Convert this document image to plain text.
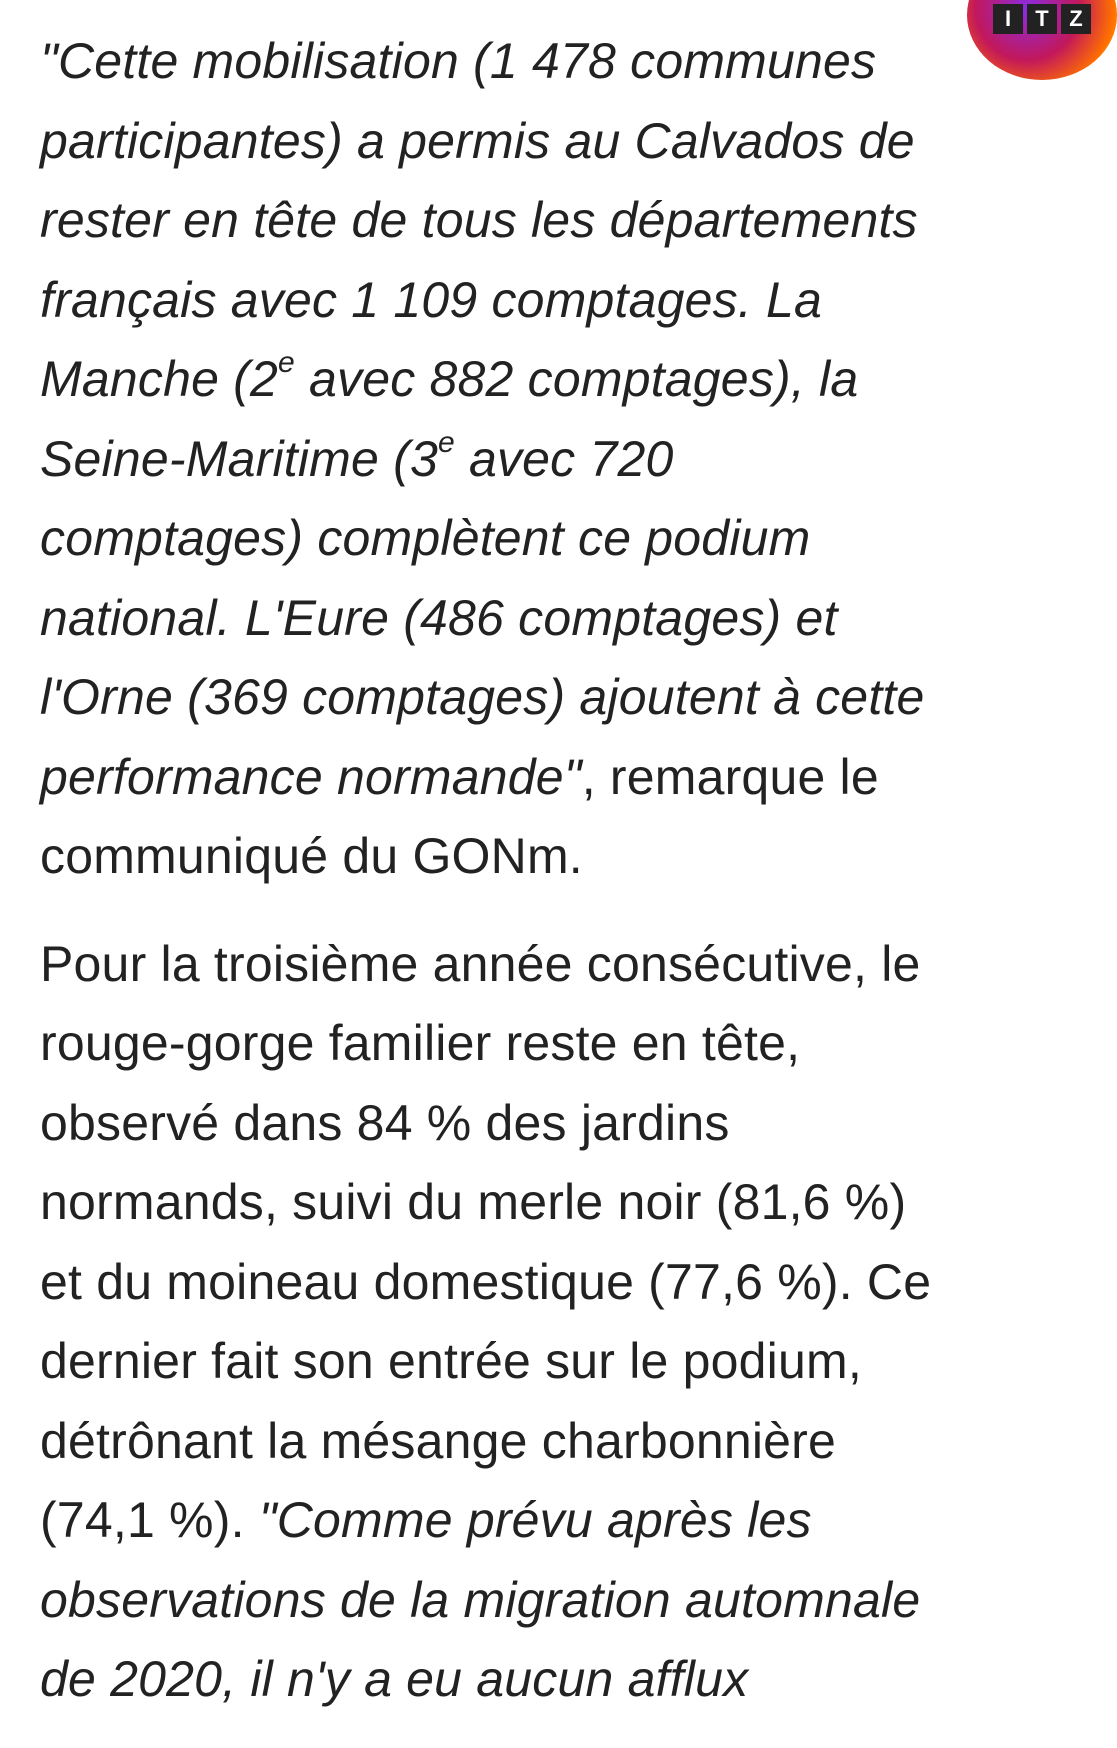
I	T Z

"Cette mobilisation (1 478 communes
participantes) a permis au Calvados de
rester en tête de tous les départements
français avec 1 109 comptages. La
Manche (2e avec 882 comptages), la
Seine-Maritime (3e avec 720
comptages) complètent ce podium
national. L'Eure (486 comptages) et
l'Orne (369 comptages) ajoutent à cette
performance normande", remarque le
communiqué du GONm.

Pour la troisième année consécutive, le
rouge-gorge familier reste en tête,
observé dans 84 % des jardins
normands, suivi du merle noir (81,6 %)
et du moineau domestique (77,6 %). Ce
dernier fait son entrée sur le podium,
détrônant la mésange charbonnière
(74,1 %). "Comme prévu après les
observations de la migration automnale
de 2020, il n'y a eu aucun afflux
